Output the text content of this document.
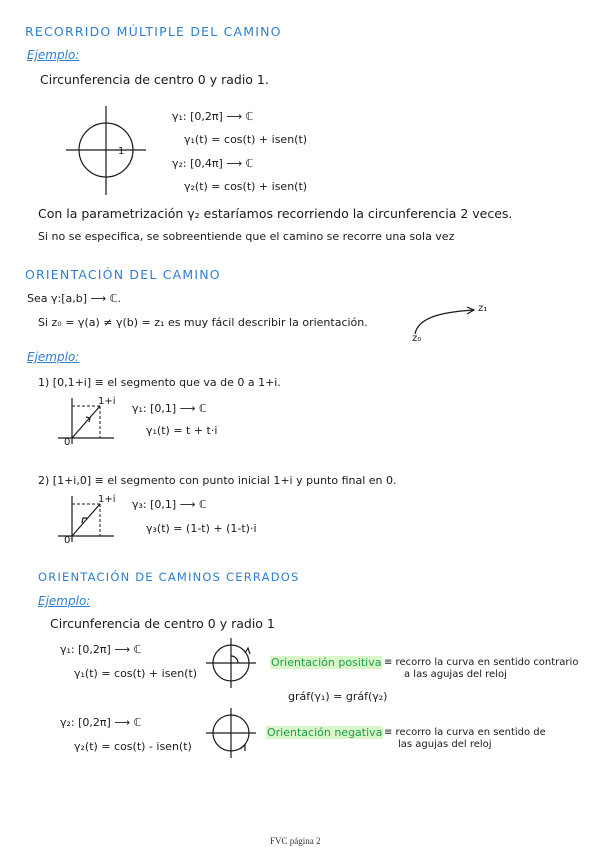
RECORRIDO MÚLTIPLE DEL CAMINO
Ejemplo:
Circunferencia de centro 0 y radio 1.
1
γ₁: [0,2π] ⟶ ℂ
γ₁(t) = cos(t) + isen(t)
γ₂: [0,4π] ⟶ ℂ
γ₂(t) = cos(t) + isen(t)
Con la parametrización γ₂ estaríamos recorriendo la circunferencia 2 veces.
Si no se especifica, se sobreentiende que el camino se recorre una sola vez
ORIENTACIÓN DEL CAMINO
Sea γ:[a,b] ⟶ ℂ.
Si z₀ = γ(a) ≠ γ(b) = z₁ es muy fácil describir la orientación.
z₁
z₀
Ejemplo:
1) [0,1+i] ≡ el segmento que va de 0 a 1+i.
1+i
0
γ₁: [0,1] ⟶ ℂ
γ₁(t) = t + t·i
2) [1+i,0] ≡ el segmento con punto inicial 1+i y punto final en 0.
1+i
0
γ₃: [0,1] ⟶ ℂ
γ₃(t) = (1-t) + (1-t)·i
ORIENTACIÓN DE CAMINOS CERRADOS
Ejemplo:
Circunferencia de centro 0 y radio 1
γ₁: [0,2π] ⟶ ℂ
γ₁(t) = cos(t) + isen(t)
Orientación positiva ≡ recorro la curva en sentido contrario
a las agujas del reloj
gráf(γ₁) = gráf(γ₂)
γ₂: [0,2π] ⟶ ℂ
γ₂(t) = cos(t) - isen(t)
Orientación negativa ≡ recorro la curva en sentido de
las agujas del reloj
FVC página 2
